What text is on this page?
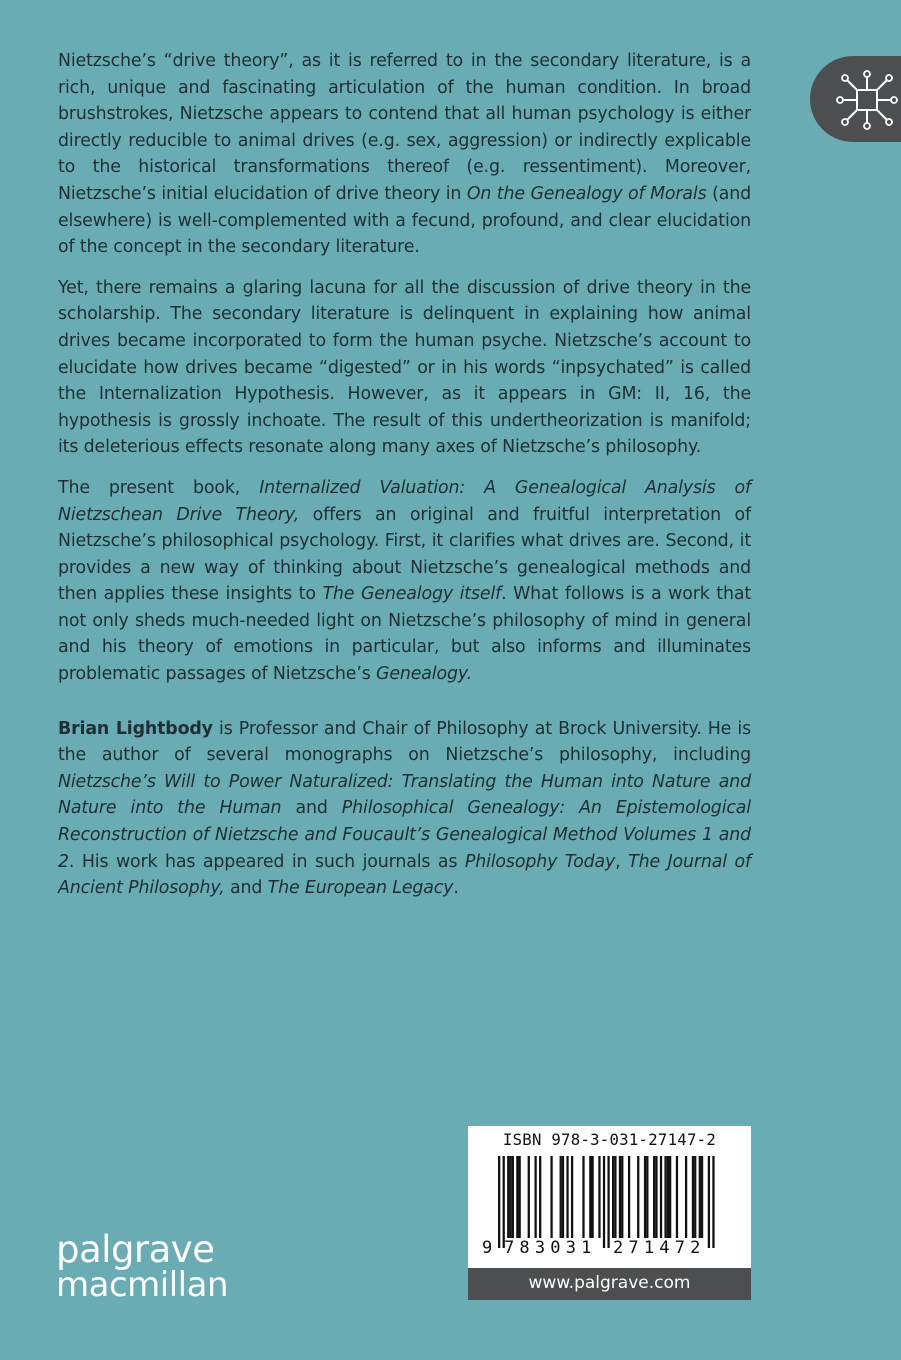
Nietzsche’s “drive theory”, as it is referred to in the secondary literature, is a rich, unique and fascinating articulation of the human condition. In broad brushstrokes, Nietzsche appears to contend that all human psychology is either directly reducible to animal drives (e.g. sex, aggression) or indirectly explicable to the historical transformations thereof (e.g. ressentiment). Moreover, Nietzsche’s initial elucidation of drive theory in On the Genealogy of Morals (and elsewhere) is well-complemented with a fecund, profound, and clear elucidation of the concept in the secondary literature.

Yet, there remains a glaring lacuna for all the discussion of drive theory in the scholarship. The secondary literature is delinquent in explaining how animal drives became incorporated to form the human psyche. Nietzsche’s account to elucidate how drives became “digested” or in his words “inpsychated” is called the Internalization Hypothesis. However, as it appears in GM: II, 16, the hypothesis is grossly inchoate. The result of this undertheorization is manifold; its deleterious effects resonate along many axes of Nietzsche’s philosophy.

The present book, Internalized Valuation: A Genealogical Analysis of Nietzschean Drive Theory, offers an original and fruitful interpretation of Nietzsche’s philosophical psychology. First, it clarifies what drives are. Second, it provides a new way of thinking about Nietzsche’s genealogical methods and then applies these insights to The Genealogy itself. What follows is a work that not only sheds much-needed light on Nietzsche’s philosophy of mind in general and his theory of emotions in particular, but also informs and illuminates problematic passages of Nietzsche’s Genealogy.

Brian Lightbody is Professor and Chair of Philosophy at Brock University. He is the author of several monographs on Nietzsche’s philosophy, including Nietzsche’s Will to Power Naturalized: Translating the Human into Nature and Nature into the Human and Philosophical Genealogy: An Epistemological Reconstruction of Nietzsche and Foucault’s Genealogical Method Volumes 1 and 2. His work has appeared in such journals as Philosophy Today, The Journal of Ancient Philosophy, and The European Legacy.

palgrave
macmillan
ISBN 978-3-031-27147-2
9 783031 271472
www.palgrave.com
